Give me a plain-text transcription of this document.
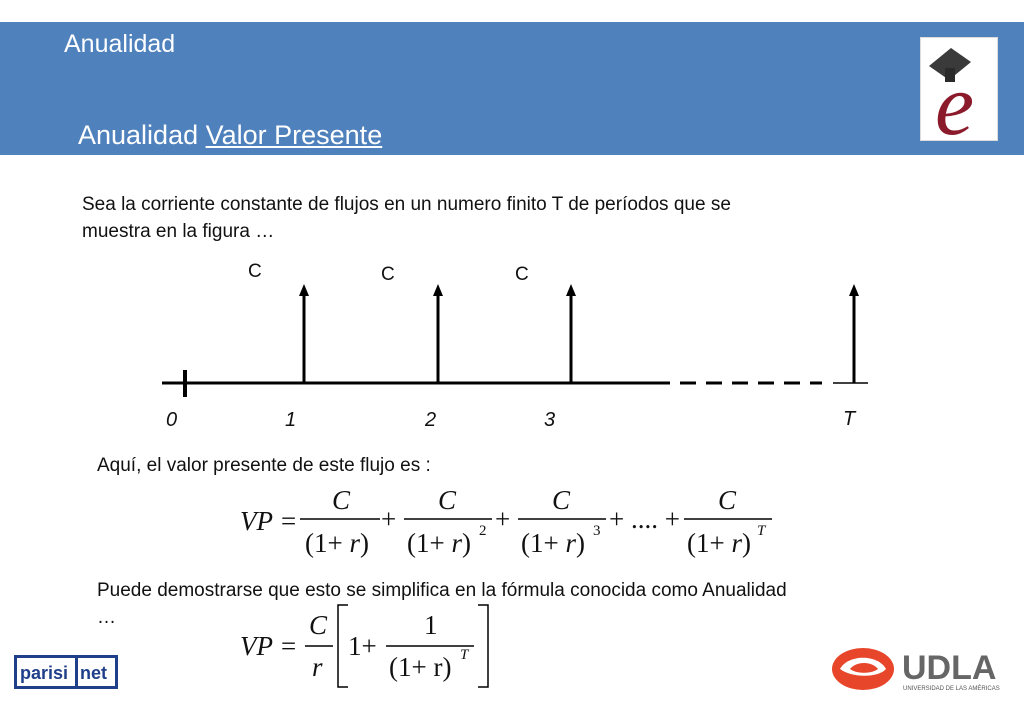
Anualidad
Anualidad Valor Presente	e
Sea la corriente constante de flujos en un numero finito T de períodos que se
muestra en la figura …
C	C	C
0	1	2	3	T
Aquí, el valor presente de este flujo es :
VP =
C
(1+ r)
+
C
(1+ r) 2 +
C
(1+ r) 3 + .... +
C
(1+ r) T
Puede demostrarse que esto se simplifica en la fórmula conocida como Anualidad
…
VP =
C
r
1+
1
(1+ r) T
parisi net	UDLA
UNIVERSIDAD DE LAS AMÉRICAS
